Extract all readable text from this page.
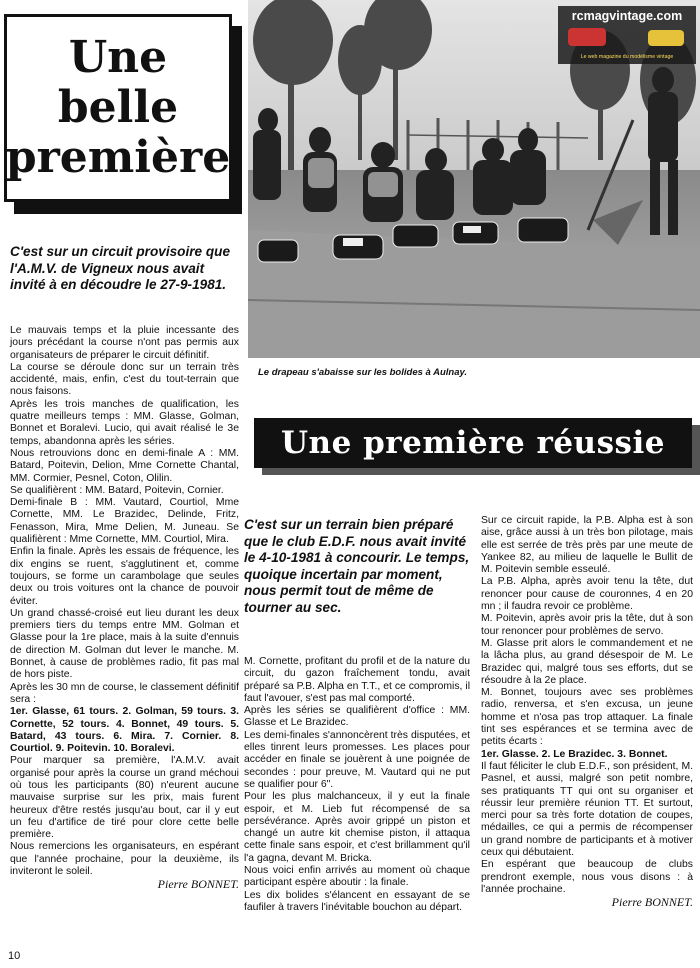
Une
belle
première
rcmagvintage.com
Le web magazine du modélisme vintage
Le drapeau s'abaisse sur les bolides à Aulnay.
C'est sur un circuit provisoire que l'A.M.V. de Vigneux nous avait invité à en découdre le 27-9-1981.

Le mauvais temps et la pluie incessante des jours précédant la course n'ont pas permis aux organisateurs de préparer le circuit définitif.

La course se déroule donc sur un terrain très accidenté, mais, enfin, c'est du tout-terrain que nous faisons.

Après les trois manches de qualification, les quatre meilleurs temps : MM. Glasse, Golman, Bonnet et Boralevi. Lucio, qui avait réalisé le 3e temps, abandonna après les séries.

Nous retrouvions donc en demi-finale A : MM. Batard, Poitevin, Delion, Mme Cornette Chantal, MM. Cormier, Pesnel, Coton, Olilin.

Se qualifièrent : MM. Batard, Poitevin, Cornier.

Demi-finale B : MM. Vautard, Courtiol, Mme Cornette, MM. Le Brazidec, Delinde, Fritz, Fenasson, Mira, Mme Delien, M. Juneau. Se qualifièrent : Mme Cornette, MM. Courtiol, Mira.

Enfin la finale. Après les essais de fréquence, les dix engins se ruent, s'agglutinent et, comme toujours, se forme un carambolage que seules deux ou trois voitures ont la chance de pouvoir éviter.

Un grand chassé-croisé eut lieu durant les deux premiers tiers du temps entre MM. Golman et Glasse pour la 1re place, mais à la suite d'ennuis de direction M. Golman dut lever le manche. M. Bonnet, à cause de problèmes radio, fit pas mal de hors piste.

Après les 30 mn de course, le classement définitif sera :

1er. Glasse, 61 tours. 2. Golman, 59 tours. 3. Cornette, 52 tours. 4. Bonnet, 49 tours. 5. Batard, 43 tours. 6. Mira. 7. Cornier. 8. Courtiol. 9. Poitevin. 10. Boralevi.

Pour marquer sa première, l'A.M.V. avait organisé pour après la course un grand méchoui où tous les participants (80) n'eurent aucune mauvaise surprise sur les prix, mais furent heureux d'être restés jusqu'au bout, car il y eut un feu d'artifice de tiré pour clore cette belle première.

Nous remercions les organisateurs, en espérant que l'année prochaine, pour la deuxième, ils inviteront le soleil.

Pierre BONNET.

Une première réussie
C'est sur un terrain bien préparé que le club E.D.F. nous avait invité le 4-10-1981 à concourir. Le temps, quoique incertain par moment, nous permit tout de même de tourner au sec.

M. Cornette, profitant du profil et de la nature du circuit, du gazon fraîchement tondu, avait préparé sa P.B. Alpha en T.T., et ce compromis, il faut l'avouer, s'est pas mal comporté.

Après les séries se qualifièrent d'office : MM. Glasse et Le Brazidec.

Les demi-finales s'annoncèrent très disputées, et elles tinrent leurs promesses. Les places pour accéder en finale se jouèrent à une poignée de secondes : pour preuve, M. Vautard qui ne put se qualifier pour 6".

Pour les plus malchanceux, il y eut la finale espoir, et M. Lieb fut récompensé de sa persévérance. Après avoir grippé un piston et changé un autre kit chemise piston, il attaqua cette finale sans espoir, et c'est brillamment qu'il l'a gagna, devant M. Bricka.

Nous voici enfin arrivés au moment où chaque participant espère aboutir : la finale.

Les dix bolides s'élancent en essayant de se faufiler à travers l'inévitable bouchon au départ.

Sur ce circuit rapide, la P.B. Alpha est à son aise, grâce aussi à un très bon pilotage, mais elle est serrée de très près par une meute de Yankee 82, au milieu de laquelle le Bullit de M. Poitevin semble esseulé.

La P.B. Alpha, après avoir tenu la tête, dut renoncer pour cause de couronnes, 4 en 20 mn ; il faudra revoir ce problème.

M. Poitevin, après avoir pris la tête, dut à son tour renoncer pour problèmes de servo.

M. Glasse prit alors le commandement et ne la lâcha plus, au grand désespoir de M. Le Brazidec qui, malgré tous ses efforts, dut se résoudre à la 2e place.

M. Bonnet, toujours avec ses problèmes radio, renversa, et s'en excusa, un jeune homme et n'osa pas trop attaquer. La finale tint ses espérances et se termina avec de petits écarts :

1er. Glasse. 2. Le Brazidec. 3. Bonnet.

Il faut féliciter le club E.D.F., son président, M. Pasnel, et aussi, malgré son petit nombre, ses pratiquants TT qui ont su organiser et réussir leur première réunion TT. Et surtout, merci pour sa très forte dotation de coupes, médailles, ce qui a permis de récompenser un grand nombre de participants et à motiver ceux qui débutaient.

En espérant que beaucoup de clubs prendront exemple, nous vous disons : à l'année prochaine.

Pierre BONNET.

10
